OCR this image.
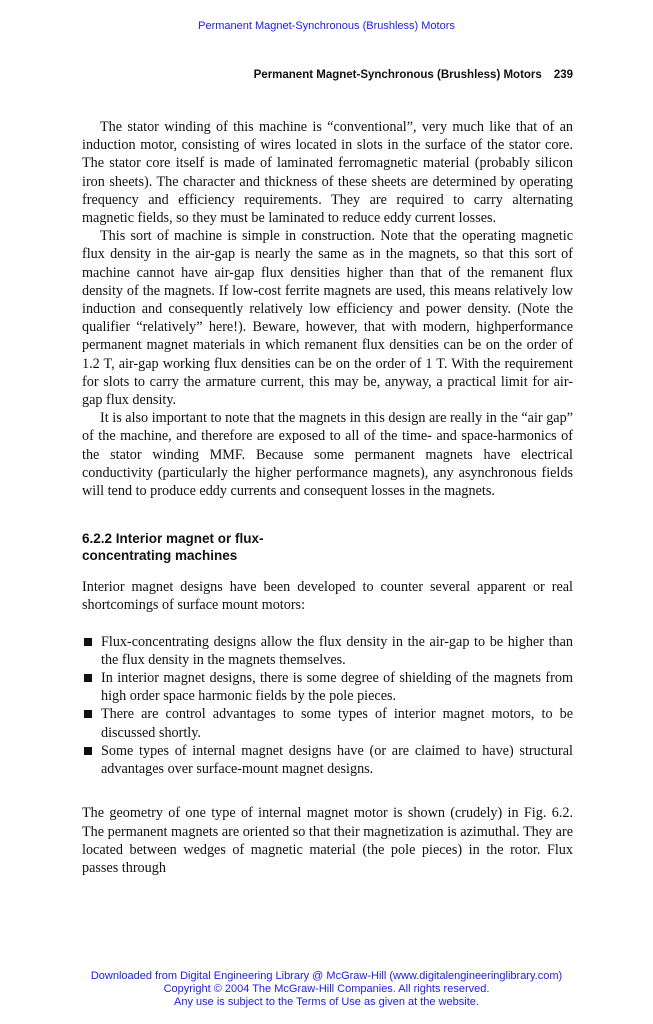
Permanent Magnet-Synchronous (Brushless) Motors
Permanent Magnet-Synchronous (Brushless) Motors 239

The stator winding of this machine is “conventional”, very much like that of an induction motor, consisting of wires located in slots in the surface of the stator core. The stator core itself is made of laminated ferromagnetic material (probably silicon iron sheets). The character and thickness of these sheets are determined by operating frequency and efficiency requirements. They are required to carry alternating magnetic fields, so they must be laminated to reduce eddy current losses.

This sort of machine is simple in construction. Note that the operating magnetic flux density in the air-gap is nearly the same as in the magnets, so that this sort of machine cannot have air-gap flux densities higher than that of the remanent flux density of the magnets. If low-cost ferrite magnets are used, this means relatively low induction and consequently relatively low efficiency and power density. (Note the qualifier “relatively” here!). Beware, however, that with modern, highperformance permanent magnet materials in which remanent flux densities can be on the order of 1.2 T, air-gap working flux densities can be on the order of 1 T. With the requirement for slots to carry the armature current, this may be, anyway, a practical limit for air-gap flux density.

It is also important to note that the magnets in this design are really in the “air gap” of the machine, and therefore are exposed to all of the time- and space-harmonics of the stator winding MMF. Because some permanent magnets have electrical conductivity (particularly the higher performance magnets), any asynchronous fields will tend to produce eddy currents and consequent losses in the magnets.

6.2.2 Interior magnet or flux-concentrating machines

Interior magnet designs have been developed to counter several apparent or real shortcomings of surface mount motors:

Flux-concentrating designs allow the flux density in the air-gap to be higher than the flux density in the magnets themselves.
In interior magnet designs, there is some degree of shielding of the magnets from high order space harmonic fields by the pole pieces.
There are control advantages to some types of interior magnet motors, to be discussed shortly.
Some types of internal magnet designs have (or are claimed to have) structural advantages over surface-mount magnet designs.

The geometry of one type of internal magnet motor is shown (crudely) in Fig. 6.2. The permanent magnets are oriented so that their magnetization is azimuthal. They are located between wedges of magnetic material (the pole pieces) in the rotor. Flux passes through

Downloaded from Digital Engineering Library @ McGraw-Hill (www.digitalengineeringlibrary.com)
Copyright © 2004 The McGraw-Hill Companies. All rights reserved.
Any use is subject to the Terms of Use as given at the website.
